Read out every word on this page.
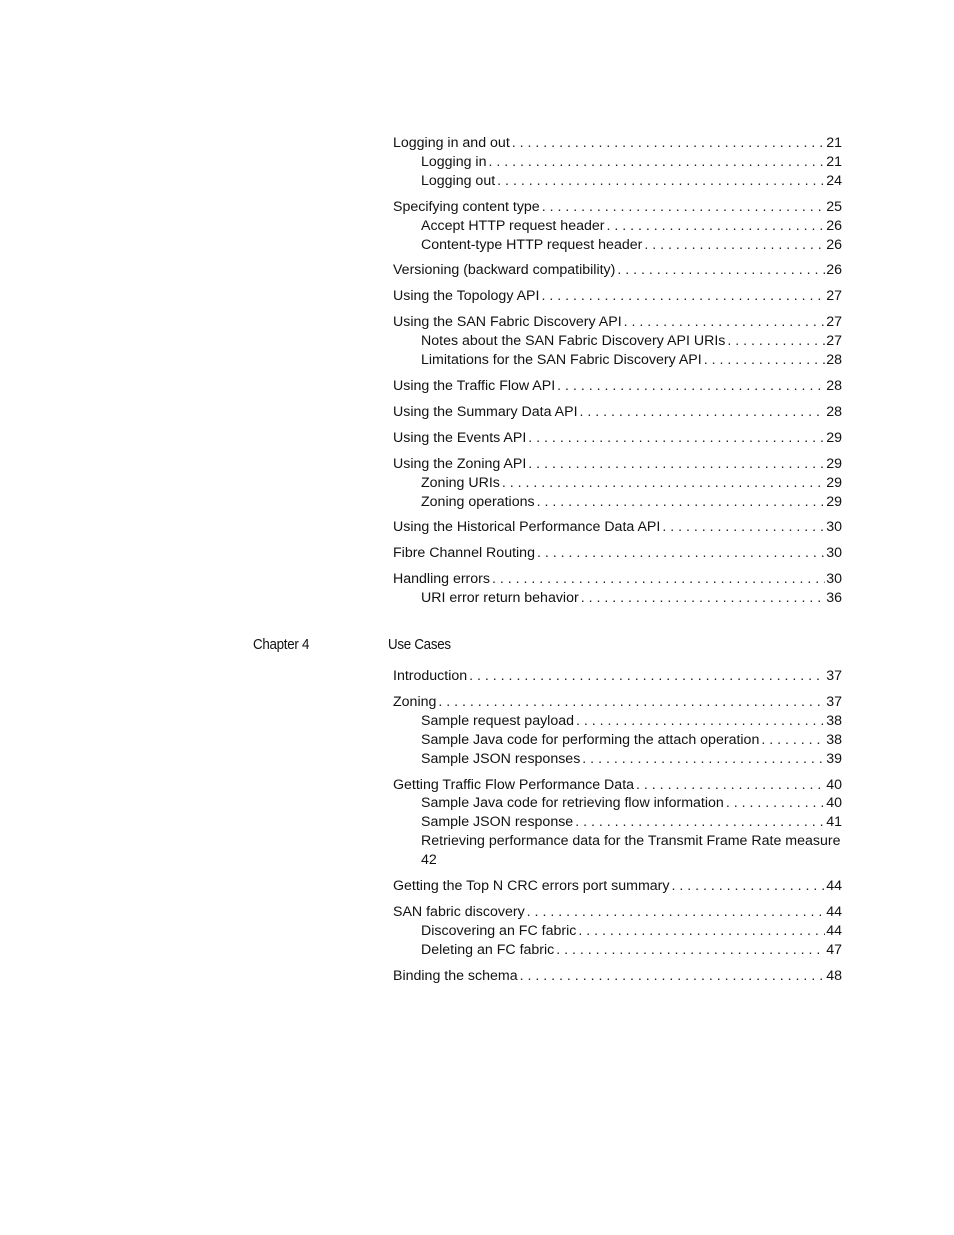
Logging in and out . . .	21
Logging in . . .	21
Logging out . . .	24
Specifying content type . . .	25
Accept HTTP request header . . .	26
Content-type HTTP request header . . .	26
Versioning (backward compatibility) . . .	26
Using the Topology API . . .	27
Using the SAN Fabric Discovery API . . .	27
Notes about the SAN Fabric Discovery API URIs . . .	27
Limitations for the SAN Fabric Discovery API . . .	28
Using the Traffic Flow API . . .	28
Using the Summary Data API . . .	28
Using the Events API . . .	29
Using the Zoning API . . .	29
Zoning URIs . . .	29
Zoning operations . . .	29
Using the Historical Performance Data API . . .	30
Fibre Channel Routing . . .	30
Handling errors . . .	30
URI error return behavior . . .	36
Chapter 4	Use Cases
Introduction . . .	37
Zoning . . .	37
Sample request payload . . .	38
Sample Java code for performing the attach operation . . .	38
Sample JSON responses . . .	39
Getting Traffic Flow Performance Data . . .	40
Sample Java code for retrieving flow information . . .	40
Sample JSON response . . .	41
Retrieving performance data for the Transmit Frame Rate measure
42
Getting the Top N CRC errors port summary . . .	44
SAN fabric discovery . . .	44
Discovering an FC fabric . . .	44
Deleting an FC fabric . . .	47
Binding the schema . . .	48
